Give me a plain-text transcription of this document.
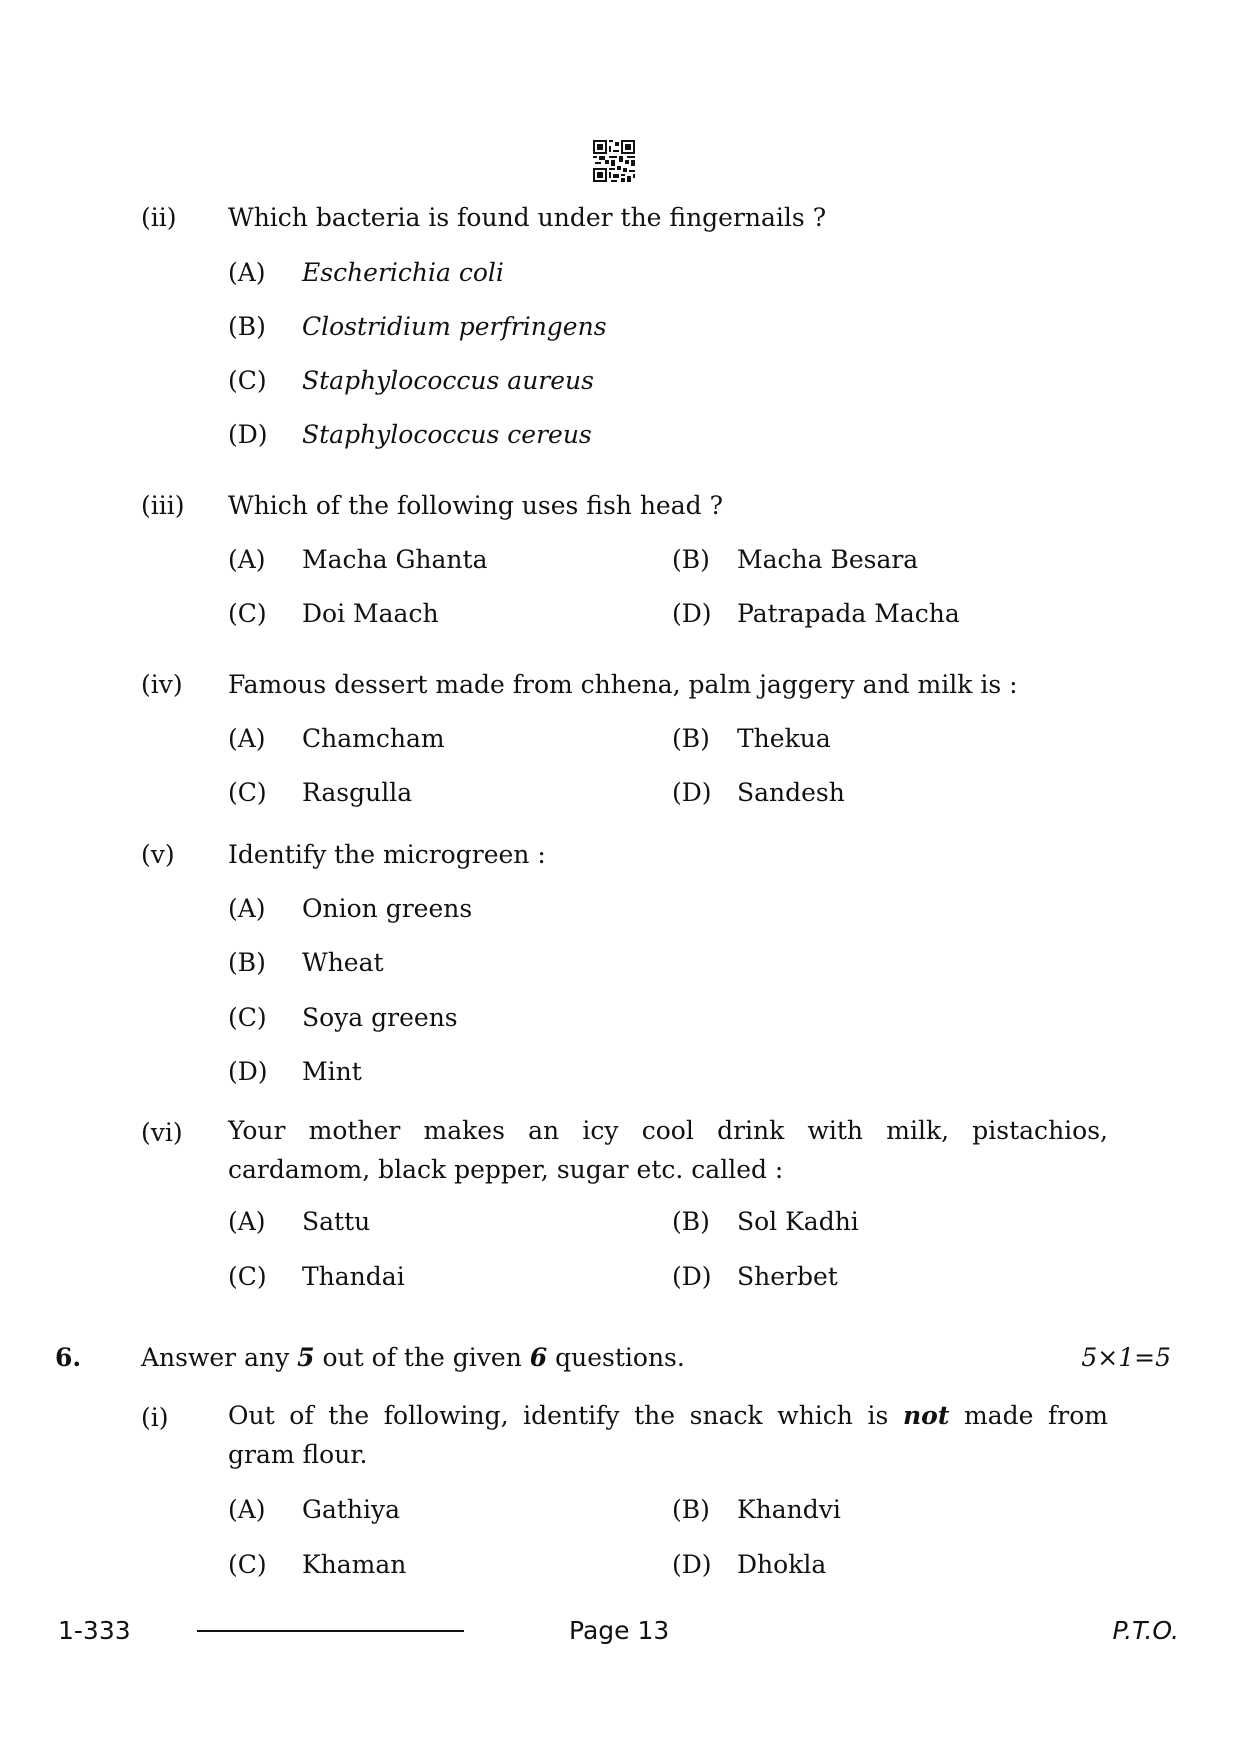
(ii) Which bacteria is found under the fingernails ?
(A) Escherichia coli
(B) Clostridium perfringens
(C) Staphylococcus aureus
(D) Staphylococcus cereus
(iii) Which of the following uses fish head ?
(A) Macha Ghanta	(B) Macha Besara
(C) Doi Maach	(D) Patrapada Macha
(iv) Famous dessert made from chhena, palm jaggery and milk is :
(A) Chamcham	(B) Thekua
(C) Rasgulla	(D) Sandesh
(v) Identify the microgreen :
(A) Onion greens
(B) Wheat
(C) Soya greens
(D) Mint
(vi) Your mother makes an icy cool drink with milk, pistachios, cardamom, black pepper, sugar etc. called :
(A) Sattu	(B) Sol Kadhi
(C) Thandai	(D) Sherbet
6. Answer any 5 out of the given 6 questions.	5×1=5
(i) Out of the following, identify the snack which is not made from gram flour.
(A) Gathiya	(B) Khandvi
(C) Khaman	(D) Dhokla
1-333	Page 13	P.T.O.
